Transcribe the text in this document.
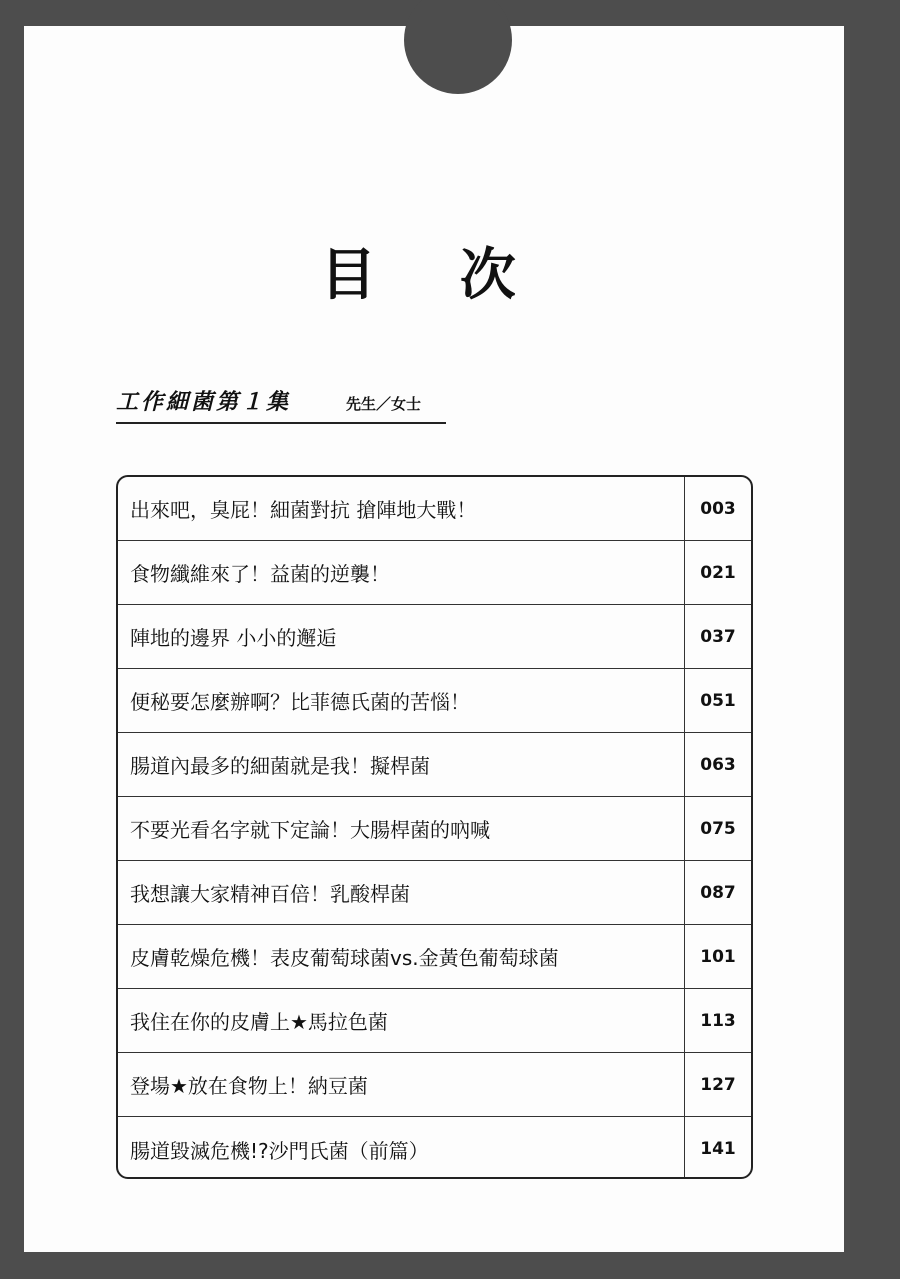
目 次
工作細菌第１集	先生／女士
出來吧，臭屁！細菌對抗 搶陣地大戰！	003
食物纖維來了！益菌的逆襲！	021
陣地的邊界 小小的邂逅	037
便秘要怎麼辦啊？比菲德氏菌的苦惱！	051
腸道內最多的細菌就是我！擬桿菌	063
不要光看名字就下定論！大腸桿菌的吶喊	075
我想讓大家精神百倍！乳酸桿菌	087
皮膚乾燥危機！表皮葡萄球菌vs.金黃色葡萄球菌	101
我住在你的皮膚上★馬拉色菌	113
登場★放在食物上！納豆菌	127
腸道毀滅危機!?沙門氏菌（前篇）	141
